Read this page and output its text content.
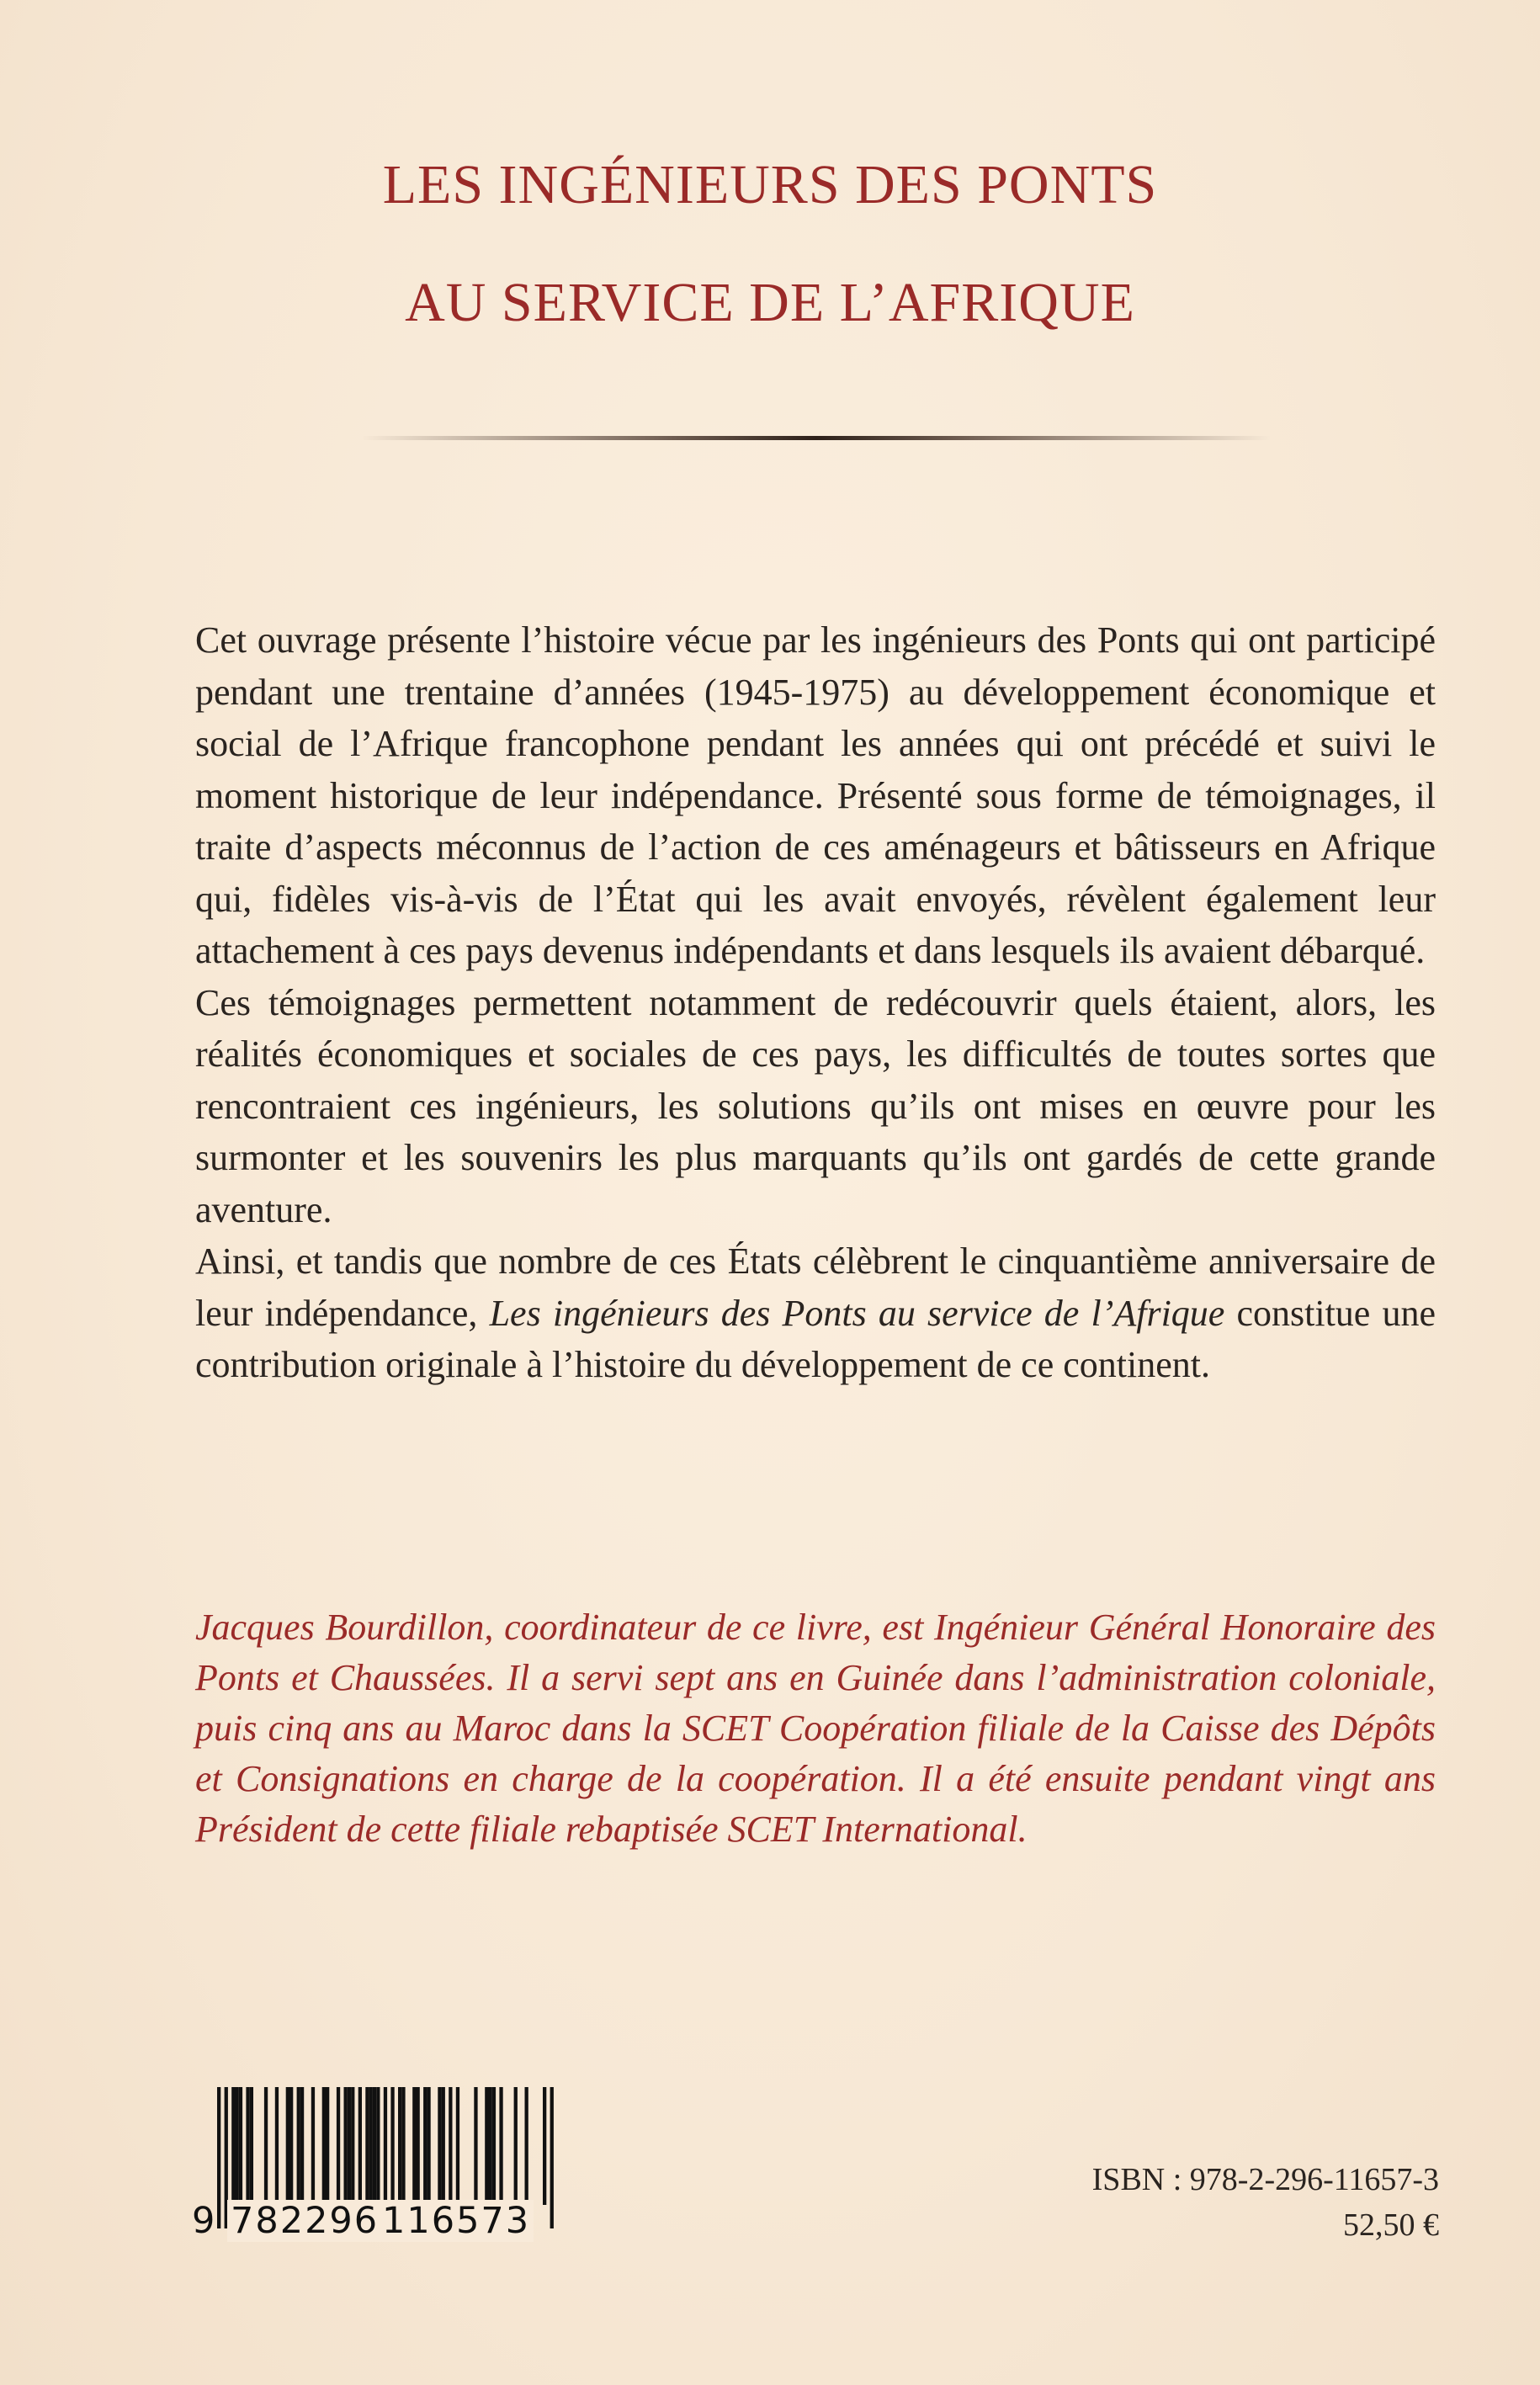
LES INGÉNIEURS DES PONTS
AU SERVICE DE L’AFRIQUE

Cet ouvrage présente l’histoire vécue par les ingénieurs des Ponts qui ont participé pendant une trentaine d’années (1945-1975) au développement économique et social de l’Afrique francophone pendant les années qui ont précédé et suivi le moment historique de leur indépendance. Présenté sous forme de témoignages, il traite d’aspects méconnus de l’action de ces aménageurs et bâtisseurs en Afrique qui, fidèles vis-à-vis de l’État qui les avait envoyés, révèlent également leur attachement à ces pays devenus indépendants et dans lesquels ils avaient débarqué.

Ces témoignages permettent notamment de redécouvrir quels étaient, alors, les réalités économiques et sociales de ces pays, les difficultés de toutes sortes que rencontraient ces ingénieurs, les solutions qu’ils ont mises en œuvre pour les surmonter et les souvenirs les plus marquants qu’ils ont gardés de cette grande aventure.

Ainsi, et tandis que nombre de ces États célèbrent le cinquantième anniversaire de leur indépendance, Les ingénieurs des Ponts au service de l’Afrique constitue une contribution originale à l’histoire du développement de ce continent.

Jacques Bourdillon, coordinateur de ce livre, est Ingénieur Général Honoraire des Ponts et Chaussées. Il a servi sept ans en Guinée dans l’administration coloniale, puis cinq ans au Maroc dans la SCET Coopération filiale de la Caisse des Dépôts et Consignations en charge de la coopération. Il a été ensuite pendant vingt ans Président de cette filiale rebaptisée SCET International.

9 782296 116573
ISBN : 978-2-296-11657-3
52,50 €
